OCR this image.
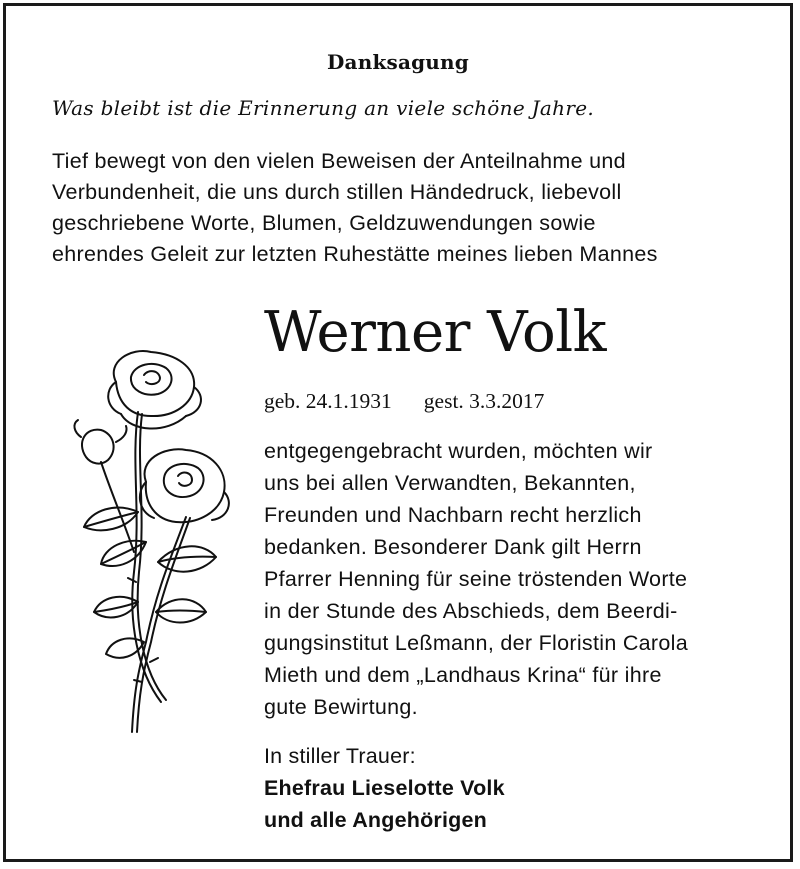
Danksagung
Was bleibt ist die Erinnerung an viele schöne Jahre.
Tief bewegt von den vielen Beweisen der Anteilnahme und
Verbundenheit, die uns durch stillen Händedruck, liebevoll
geschriebene Worte, Blumen, Geldzuwendungen sowie
ehrendes Geleit zur letzten Ruhestätte meines lieben Mannes
Werner Volk
geb. 24.1.1931 gest. 3.3.2017
entgegengebracht wurden, möchten wir
uns bei allen Verwandten, Bekannten,
Freunden und Nachbarn recht herzlich
bedanken. Besonderer Dank gilt Herrn
Pfarrer Henning für seine tröstenden Worte
in der Stunde des Abschieds, dem Beerdi-
gungsinstitut Leßmann, der Floristin Carola
Mieth und dem „Landhaus Krina“ für ihre
gute Bewirtung.
In stiller Trauer:
Ehefrau Lieselotte Volk
und alle Angehörigen
